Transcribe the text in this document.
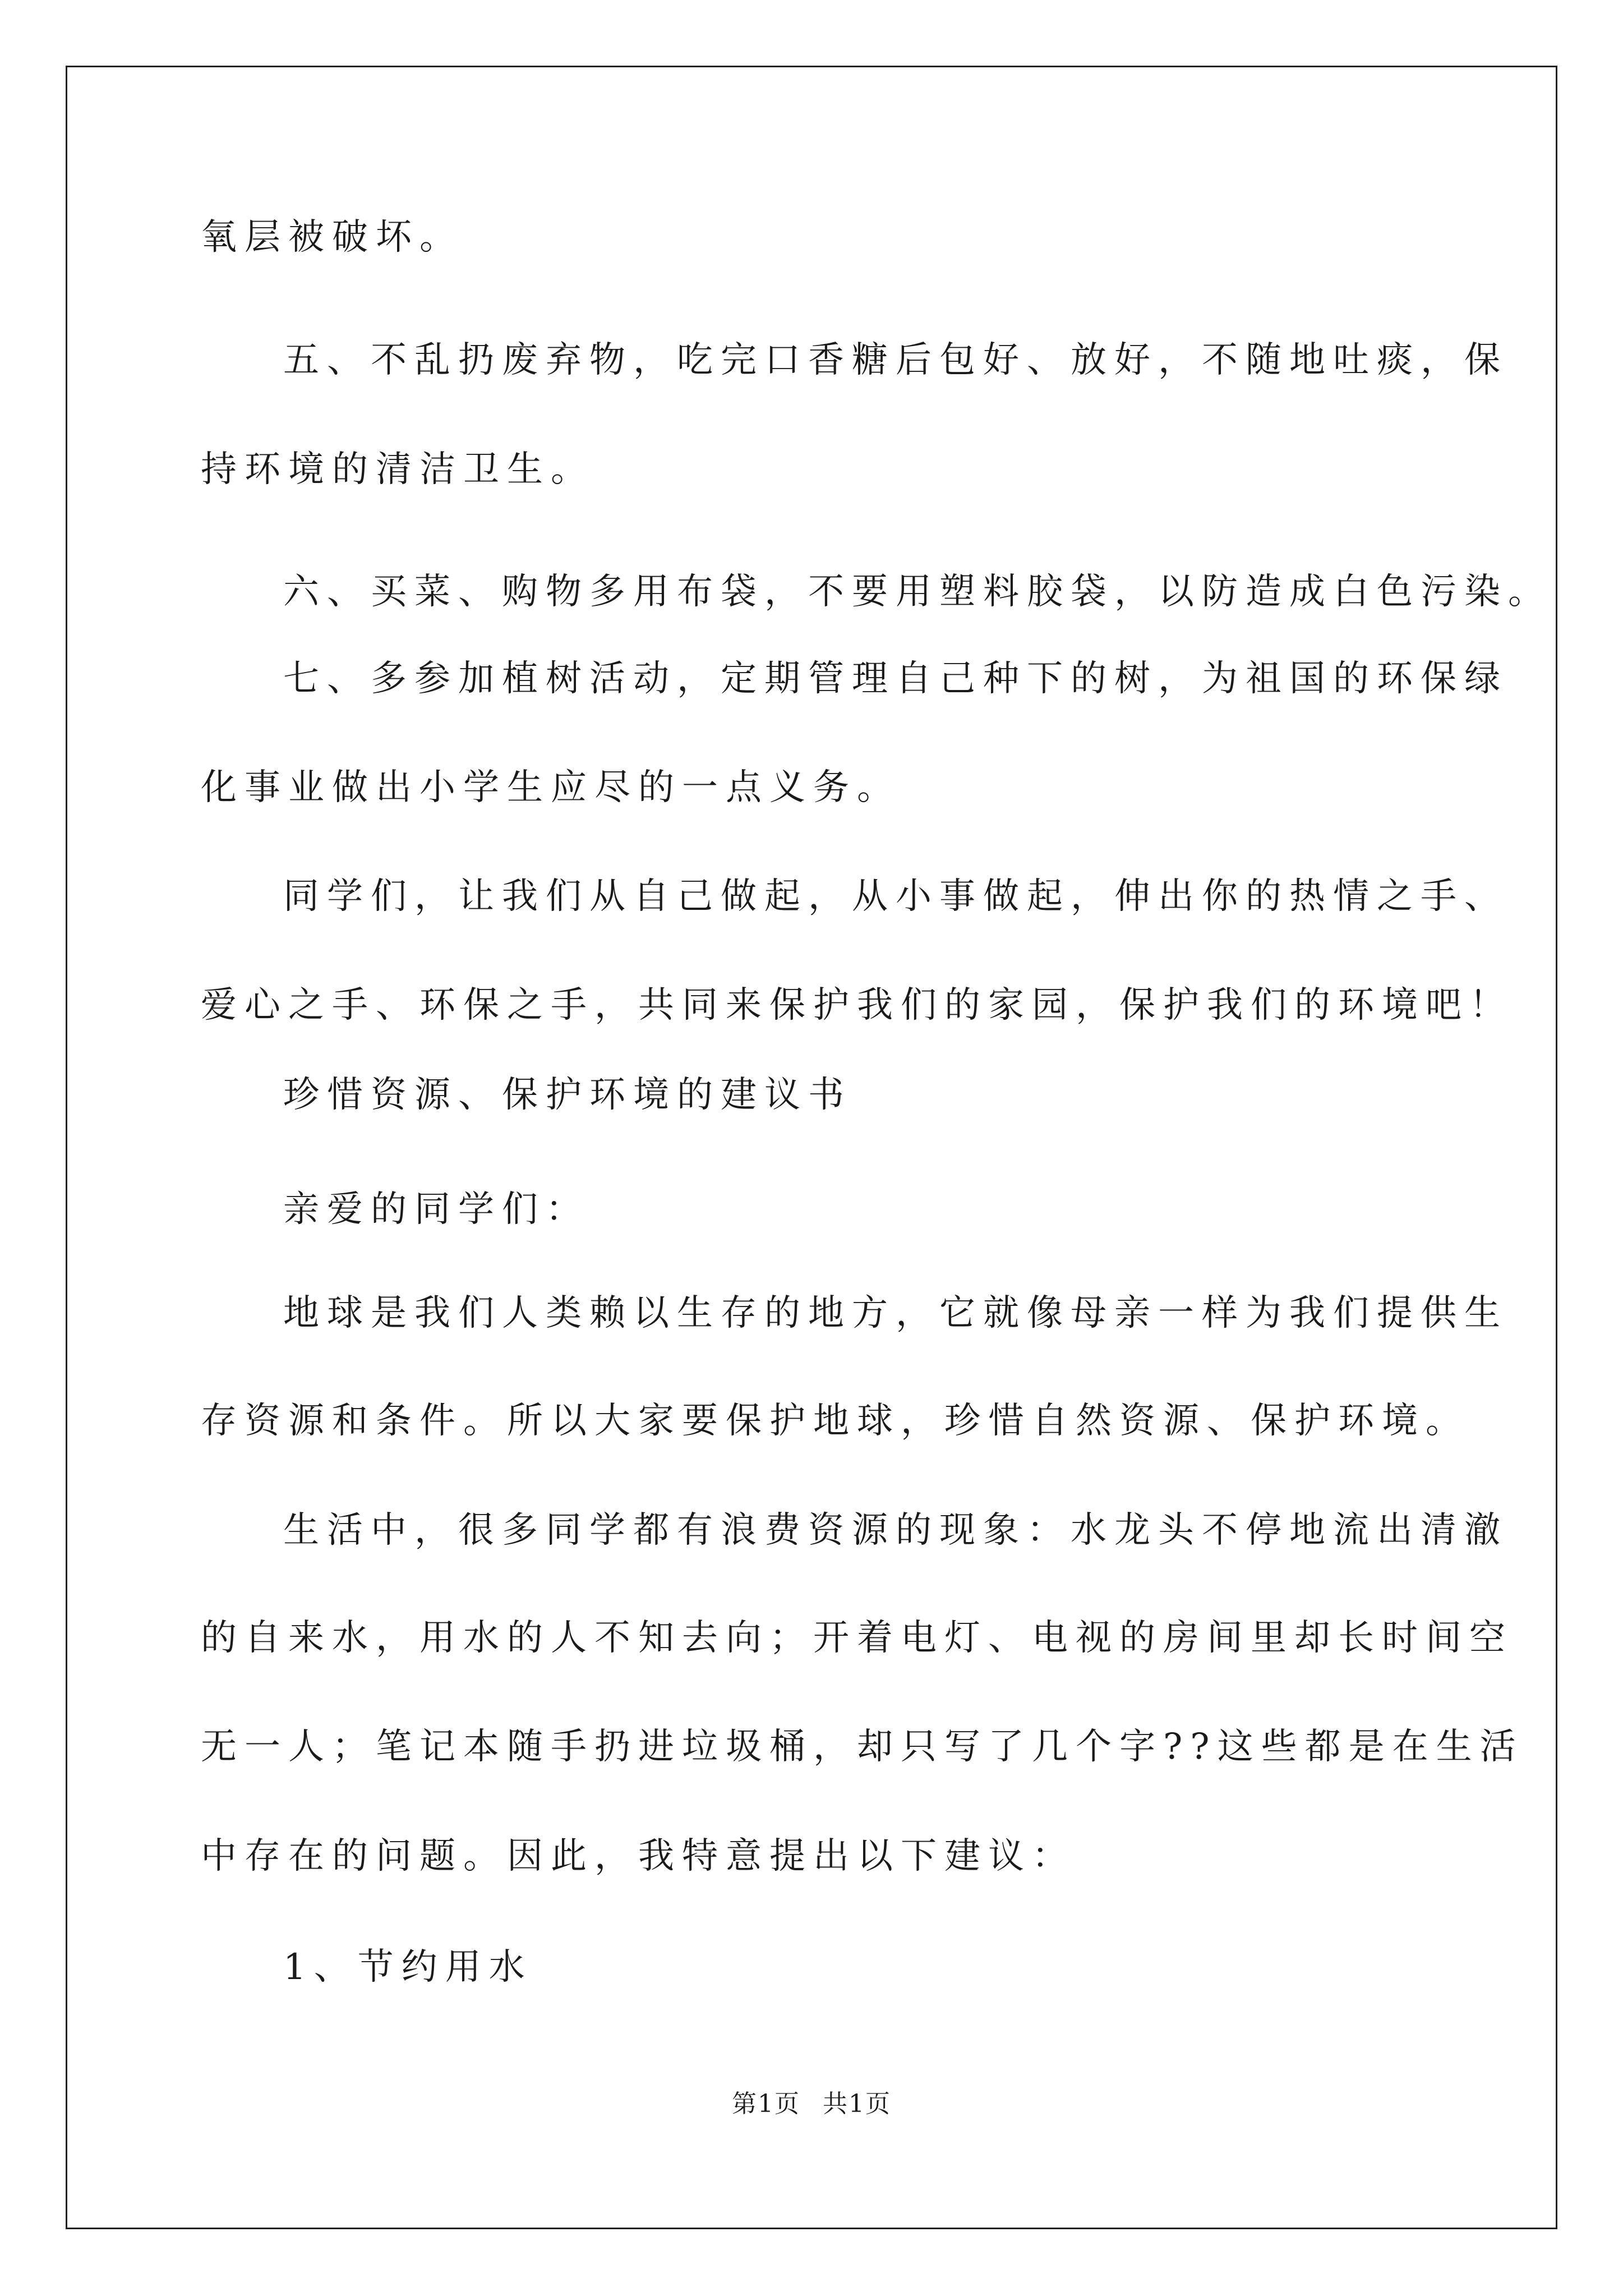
氧层被破坏。
五、不乱扔废弃物，吃完口香糖后包好、放好，不随地吐痰，保
持环境的清洁卫生。
六、买菜、购物多用布袋，不要用塑料胶袋，以防造成白色污染。
七、多参加植树活动，定期管理自己种下的树，为祖国的环保绿
化事业做出小学生应尽的一点义务。
同学们，让我们从自己做起，从小事做起，伸出你的热情之手、
爱心之手、环保之手，共同来保护我们的家园，保护我们的环境吧！
珍惜资源、保护环境的建议书
亲爱的同学们：
地球是我们人类赖以生存的地方，它就像母亲一样为我们提供生
存资源和条件。所以大家要保护地球，珍惜自然资源、保护环境。
生活中，很多同学都有浪费资源的现象：水龙头不停地流出清澈
的自来水，用水的人不知去向；开着电灯、电视的房间里却长时间空
无一人；笔记本随手扔进垃圾桶，却只写了几个字??这些都是在生活
中存在的问题。因此，我特意提出以下建议：
1、节约用水
第1页 共1页
